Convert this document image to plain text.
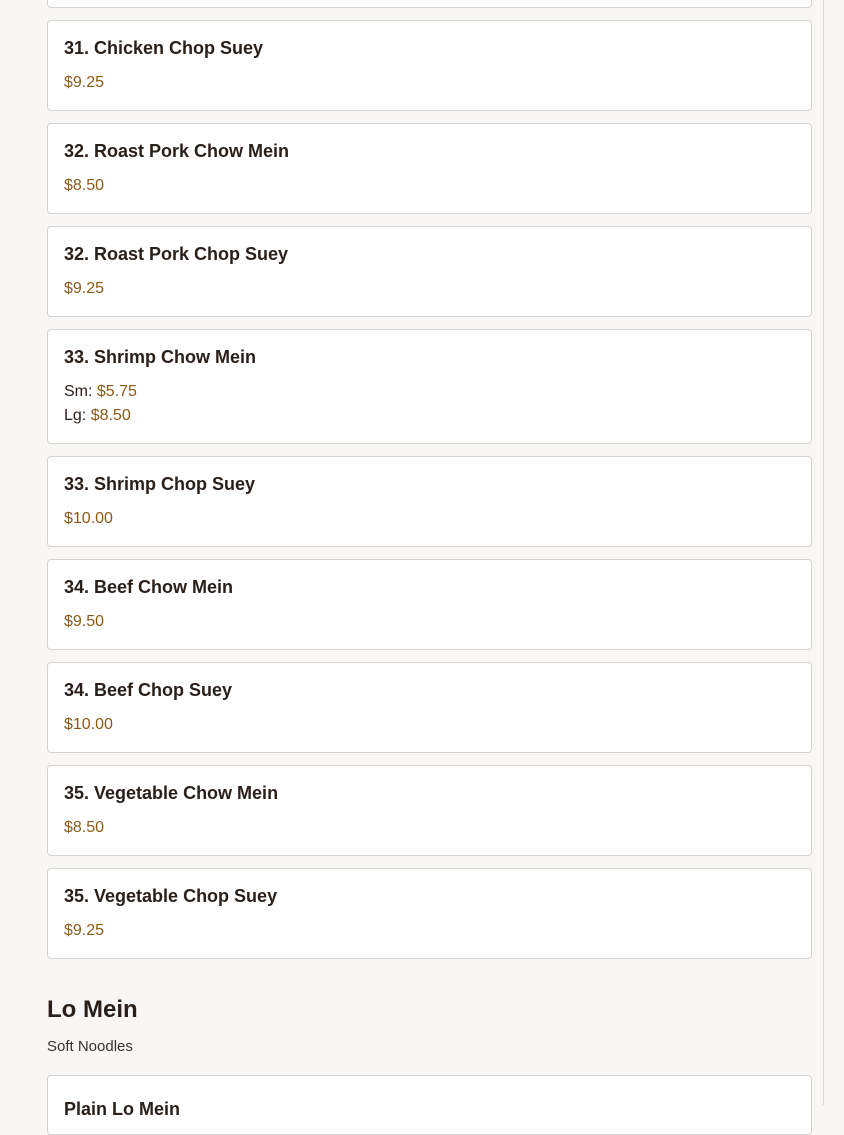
31. Chicken Chop Suey
$9.25
32. Roast Pork Chow Mein
$8.50
32. Roast Pork Chop Suey
$9.25
33. Shrimp Chow Mein
Sm: $5.75
Lg: $8.50
33. Shrimp Chop Suey
$10.00
34. Beef Chow Mein
$9.50
34. Beef Chop Suey
$10.00
35. Vegetable Chow Mein
$8.50
35. Vegetable Chop Suey
$9.25
Lo Mein
Soft Noodles
Plain Lo Mein
